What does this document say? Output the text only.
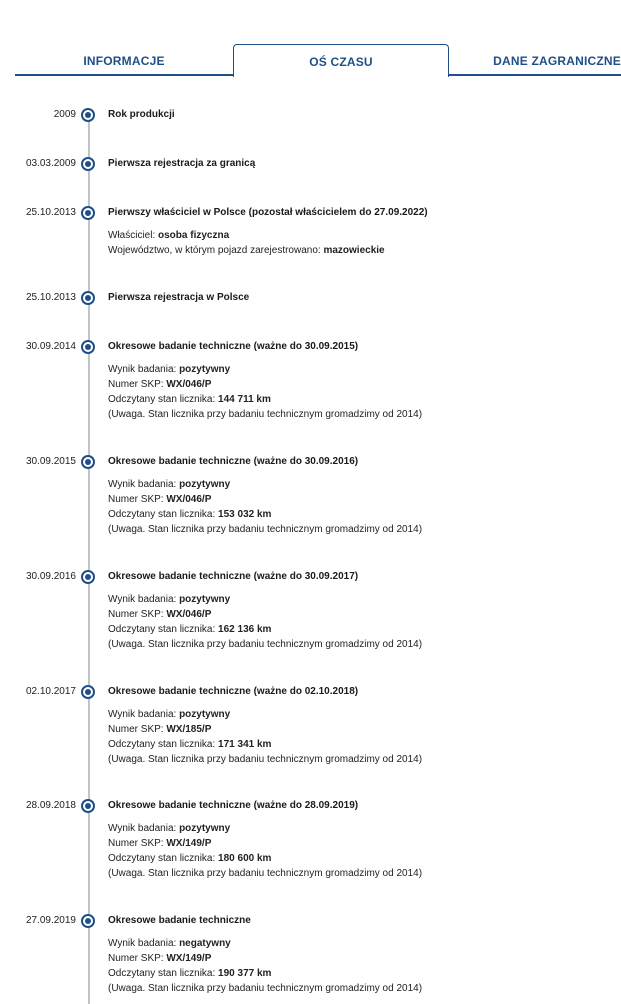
INFORMACJE	OŚ CZASU	DANE ZAGRANICZNE
2009	Rok produkcji
03.03.2009	Pierwsza rejestracja za granicą
25.10.2013	Pierwszy właściciel w Polsce (pozostał właścicielem do 27.09.2022)
Właściciel: osoba fizyczna
Województwo, w którym pojazd zarejestrowano: mazowieckie
25.10.2013	Pierwsza rejestracja w Polsce
30.09.2014	Okresowe badanie techniczne (ważne do 30.09.2015)
Wynik badania: pozytywny
Numer SKP: WX/046/P
Odczytany stan licznika: 144 711 km
(Uwaga. Stan licznika przy badaniu technicznym gromadzimy od 2014)
30.09.2015	Okresowe badanie techniczne (ważne do 30.09.2016)
Wynik badania: pozytywny
Numer SKP: WX/046/P
Odczytany stan licznika: 153 032 km
(Uwaga. Stan licznika przy badaniu technicznym gromadzimy od 2014)
30.09.2016	Okresowe badanie techniczne (ważne do 30.09.2017)
Wynik badania: pozytywny
Numer SKP: WX/046/P
Odczytany stan licznika: 162 136 km
(Uwaga. Stan licznika przy badaniu technicznym gromadzimy od 2014)
02.10.2017	Okresowe badanie techniczne (ważne do 02.10.2018)
Wynik badania: pozytywny
Numer SKP: WX/185/P
Odczytany stan licznika: 171 341 km
(Uwaga. Stan licznika przy badaniu technicznym gromadzimy od 2014)
28.09.2018	Okresowe badanie techniczne (ważne do 28.09.2019)
Wynik badania: pozytywny
Numer SKP: WX/149/P
Odczytany stan licznika: 180 600 km
(Uwaga. Stan licznika przy badaniu technicznym gromadzimy od 2014)
27.09.2019	Okresowe badanie techniczne
Wynik badania: negatywny
Numer SKP: WX/149/P
Odczytany stan licznika: 190 377 km
(Uwaga. Stan licznika przy badaniu technicznym gromadzimy od 2014)
